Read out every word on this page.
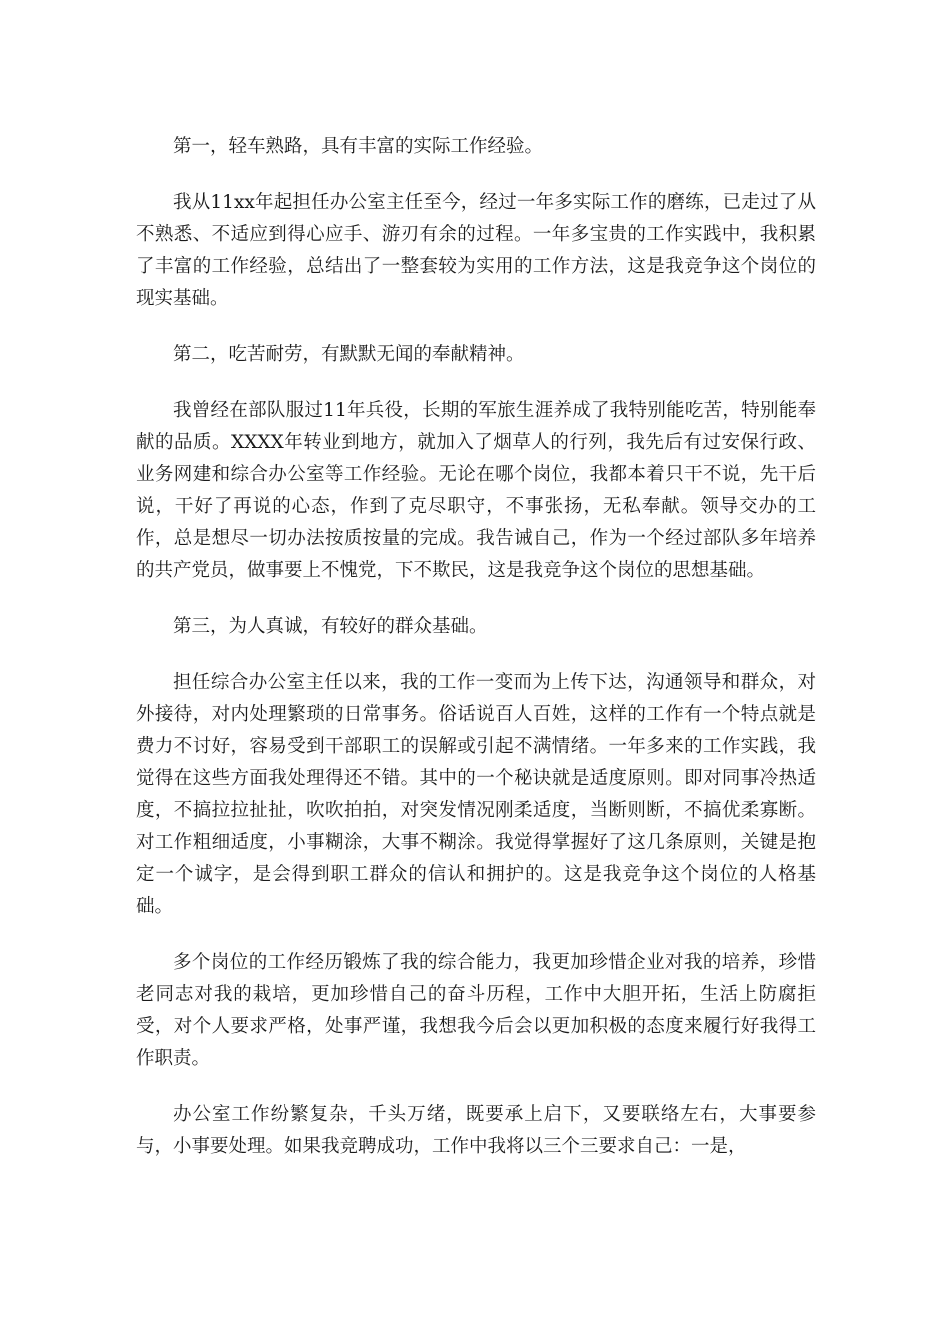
第一，轻车熟路，具有丰富的实际工作经验。

我从11xx年起担任办公室主任至今，经过一年多实际工作的磨练，已走过了从不熟悉、不适应到得心应手、游刃有余的过程。一年多宝贵的工作实践中，我积累了丰富的工作经验，总结出了一整套较为实用的工作方法，这是我竞争这个岗位的现实基础。

第二，吃苦耐劳，有默默无闻的奉献精神。

我曾经在部队服过11年兵役，长期的军旅生涯养成了我特别能吃苦，特别能奉献的品质。XXXX年转业到地方，就加入了烟草人的行列，我先后有过安保行政、业务网建和综合办公室等工作经验。无论在哪个岗位，我都本着只干不说，先干后说，干好了再说的心态，作到了克尽职守，不事张扬，无私奉献。领导交办的工作，总是想尽一切办法按质按量的完成。我告诫自己，作为一个经过部队多年培养的共产党员，做事要上不愧党，下不欺民，这是我竞争这个岗位的思想基础。

第三，为人真诚，有较好的群众基础。

担任综合办公室主任以来，我的工作一变而为上传下达，沟通领导和群众，对外接待，对内处理繁琐的日常事务。俗话说百人百姓，这样的工作有一个特点就是费力不讨好，容易受到干部职工的误解或引起不满情绪。一年多来的工作实践，我觉得在这些方面我处理得还不错。其中的一个秘诀就是适度原则。即对同事冷热适度，不搞拉拉扯扯，吹吹拍拍，对突发情况刚柔适度，当断则断，不搞优柔寡断。对工作粗细适度，小事糊涂，大事不糊涂。我觉得掌握好了这几条原则，关键是抱定一个诚字，是会得到职工群众的信认和拥护的。这是我竞争这个岗位的人格基础。

多个岗位的工作经历锻炼了我的综合能力，我更加珍惜企业对我的培养，珍惜老同志对我的栽培，更加珍惜自己的奋斗历程，工作中大胆开拓，生活上防腐拒受，对个人要求严格，处事严谨，我想我今后会以更加积极的态度来履行好我得工作职责。

办公室工作纷繁复杂，千头万绪，既要承上启下，又要联络左右，大事要参与，小事要处理。如果我竞聘成功，工作中我将以三个三要求自己：一是，
